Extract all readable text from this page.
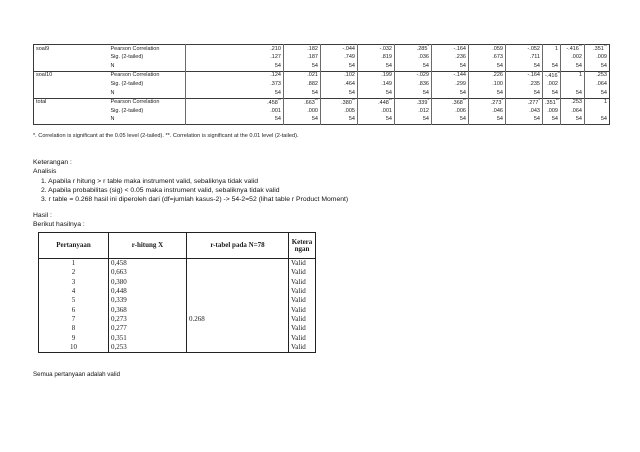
soal9	Pearson Correlation	.210	.182	-.044	-.032	.285*	-.164	.059	-.052	1	-.416**	.351**
	Sig. (2-tailed)	.127	.187	.749	.819	.036	.236	.673	.711		.002	.009
	N	54	54	54	54	54	54	54	54	54	54	54
soal10	Pearson Correlation	.124	.021	.102	.199	-.029	-.144	.226	-.164	-.416**	1	.253
	Sig. (2-tailed)	.373	.882	.464	.149	.836	.299	.100	.235	.002		.064
	N	54	54	54	54	54	54	54	54	54	54	54
total	Pearson Correlation	.458**	.663**	.380**	.448**	.339*	.368**	.273*	.277*	.351**	.253	1
	Sig. (2-tailed)	.001	.000	.005	.001	.012	.006	.046	.043	.009	.064	
	N	54	54	54	54	54	54	54	54	54	54	54
*. Correlation is significant at the 0.05 level (2-tailed). **. Correlation is significant at the 0.01 level (2-tailed).
Keterangan :
Analisis
1. Apabila r hitung > r table maka instrument valid, sebaliknya tidak valid
2. Apabila probabilitas (sig) < 0.05 maka instrument valid, sebaliknya tidak valid
3. r table = 0.268 hasil ini diperoleh dari (df=jumlah kasus-2) -> 54-2=52 (lihat table r Product Moment)
Hasil :
Berikut hasilnya :
Pertanyaan	r-hitung X	r-tabel pada N=78	Keterangan
1	0,458		Valid
2	0,663		Valid
3	0,380		Valid
4	0,448		Valid
5	0,339		Valid
6	0,368		Valid
7	0,273	0.268	Valid
8	0,277		Valid
9	0,351		Valid
10	0,253		Valid
Semua pertanyaan adalah valid
